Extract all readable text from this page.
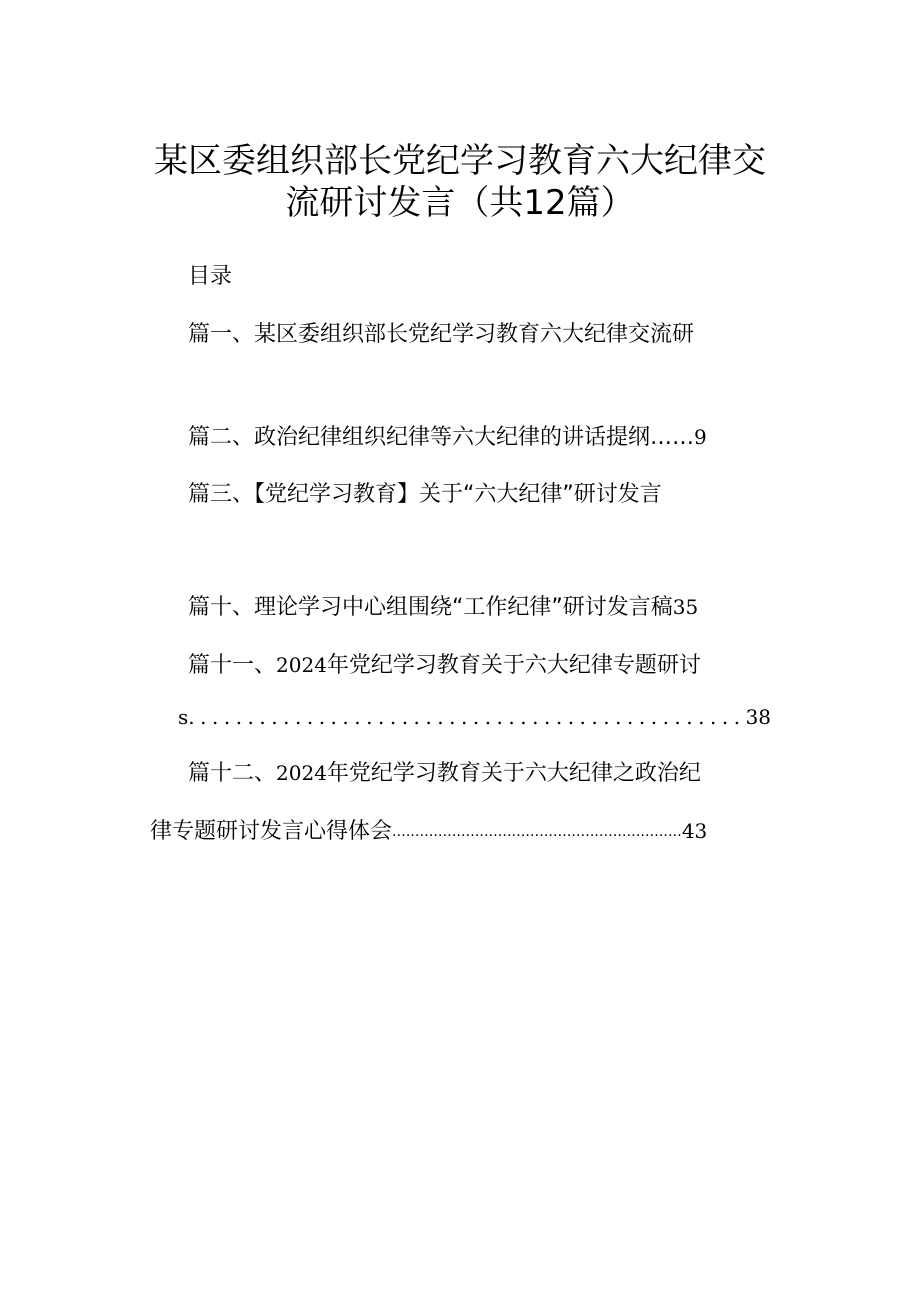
某区委组织部长党纪学习教育六大纪律交
流研讨发言（共12篇）
目录
篇一、某区委组织部长党纪学习教育六大纪律交流研
篇二、政治纪律组织纪律等六大纪律的讲话提纲……9
篇三、【党纪学习教育】关于“六大纪律”研讨发言
篇十、理论学习中心组围绕“工作纪律”研讨发言稿35
篇十一、2024年党纪学习教育关于六大纪律专题研讨
s...............................................38
篇十二、2024年党纪学习教育关于六大纪律之政治纪
律专题研讨发言心得体会...............................................................43
